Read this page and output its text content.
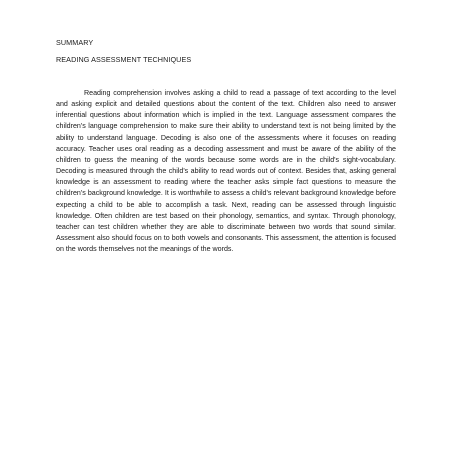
SUMMARY

READING ASSESSMENT TECHNIQUES

Reading comprehension involves asking a child to read a passage of text according to the level and asking explicit and detailed questions about the content of the text. Children also need to answer inferential questions about information which is implied in the text. Language assessment compares the children's language comprehension to make sure their ability to understand text is not being limited by the ability to understand language. Decoding is also one of the assessments where it focuses on reading accuracy. Teacher uses oral reading as a decoding assessment and must be aware of the ability of the children to guess the meaning of the words because some words are in the child's sight-vocabulary. Decoding is measured through the child's ability to read words out of context. Besides that, asking general knowledge is an assessment to reading where the teacher asks simple fact questions to measure the children's background knowledge. It is worthwhile to assess a child's relevant background knowledge before expecting a child to be able to accomplish a task. Next, reading can be assessed through linguistic knowledge. Often children are test based on their phonology, semantics, and syntax. Through phonology, teacher can test children whether they are able to discriminate between two words that sound similar. Assessment also should focus on to both vowels and consonants. This assessment, the attention is focused on the words themselves not the meanings of the words.
